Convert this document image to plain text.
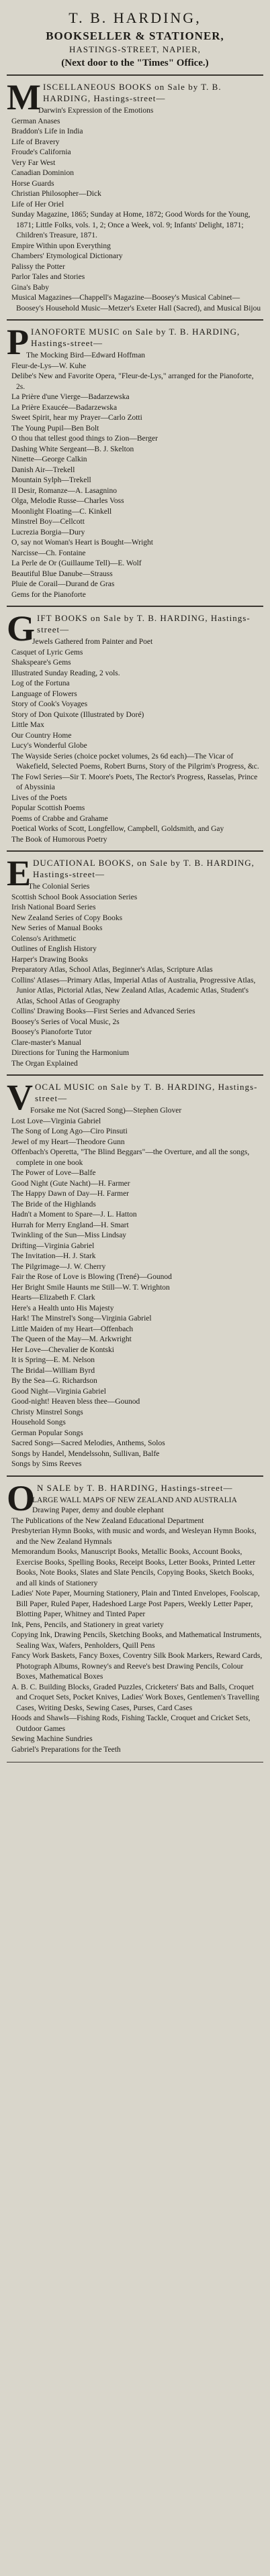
T. B. HARDING,
BOOKSELLER & STATIONER,
HASTINGS-STREET, NAPIER,
(Next door to the "Times" Office.)
M ISCELLANEOUS BOOKS on Sale by T. B. HARDING, Hastings-street—
Darwin's Expression of the Emotions
German Anases
Braddon's Life in India
Life of Bravery
Froude's California
Very Far West
Canadian Dominion
Horse Guards
Christian Philosopher—Dick
Life of Her Oriel
Sunday Magazine, 1865; Sunday at Home, 1872; Good Words for the Young, 1871; Little Folks, vols. 1, 2; Once a Week, vol. 9; Infants' Delight, 1871; Children's Treasure, 1871.
Empire Within upon Everything
Chambers' Etymological Dictionary
Palissy the Potter
Parlor Tales and Stories
Gina's Baby
Musical Magazines—Chappell's Magazine—Boosey's Musical Cabinet—Boosey's Household Music—Metzer's Exeter Hall (Sacred), and Musical Bijou
P IANOFORTE MUSIC on Sale by T. B. HARDING, Hastings-street—
The Mocking Bird—Edward Hoffman
Fleur-de-Lys—W. Kuhe
Delibe's New and Favorite Opera, "Fleur-de-Lys," arranged for the Pianoforte, 2s.
La Prière d'une Vierge—Badarzewska
La Prière Exaucée—Badarzewska
Sweet Spirit, hear my Prayer—Carlo Zotti
The Young Pupil—Ben Bolt
O thou that tellest good things to Zion—Berger
Dashing White Sergeant—B. J. Skelton
Ninette—George Calkin
Danish Air—Trekell
Mountain Sylph—Trekell
Il Desir, Romanze—A. Lasagnino
Olga, Melodie Russe—Charles Voss
Moonlight Floating—C. Kinkell
Minstrel Boy—Cellcott
Lucrezia Borgia—Dury
O, say not Woman's Heart is Bought—Wright
Narcisse—Ch. Fontaine
La Perle de Or (Guillaume Tell)—E. Wolf
Beautiful Blue Danube—Strauss
Pluie de Corail—Durand de Gras
Gems for the Pianoforte
G IFT BOOKS on Sale by T. B. HARDING, Hastings-street—
Jewels Gathered from Painter and Poet
Casquet of Lyric Gems
Shakspeare's Gems
Illustrated Sunday Reading, 2 vols.
Log of the Fortuna
Language of Flowers
Story of Cook's Voyages
Story of Don Quixote (Illustrated by Doré)
Little Max
Our Country Home
Lucy's Wonderful Globe
The Wayside Series (choice pocket volumes, 2s 6d each)—The Vicar of Wakefield, Selected Poems, Robert Burns, Story of the Pilgrim's Progress, &c.
The Fowl Series—Sir T. Moore's Poets, The Rector's Progress, Rasselas, Prince of Abyssinia
Lives of the Poets
Popular Scottish Poems
Poems of Crabbe and Grahame
Poetical Works of Scott, Longfellow, Campbell, Goldsmith, and Gay
The Book of Humorous Poetry
E DUCATIONAL BOOKS, on Sale by T. B. HARDING, Hastings-street—
The Colonial Series
Scottish School Book Association Series
Irish National Board Series
New Zealand Series of Copy Books
New Series of Manual Books
Colenso's Arithmetic
Outlines of English History
Harper's Drawing Books
Preparatory Atlas, School Atlas, Beginner's Atlas, Scripture Atlas
Collins' Atlases—Primary Atlas, Imperial Atlas of Australia, Progressive Atlas, Junior Atlas, Pictorial Atlas, New Zealand Atlas, Academic Atlas, Student's Atlas, School Atlas of Geography
Collins' Drawing Books—First Series and Advanced Series
Boosey's Series of Vocal Music, 2s
Boosey's Pianoforte Tutor
Clare-master's Manual
Directions for Tuning the Harmonium
The Organ Explained
V OCAL MUSIC on Sale by T. B. HARDING, Hastings-street—
Forsake me Not (Sacred Song)—Stephen Glover
Lost Love—Virginia Gabriel
The Song of Long Ago—Ciro Pinsuti
Jewel of my Heart—Theodore Gunn
Offenbach's Operetta, "The Blind Beggars"—the Overture, and all the songs, complete in one book
The Power of Love—Balfe
Good Night (Gute Nacht)—H. Farmer
The Happy Dawn of Day—H. Farmer
The Bride of the Highlands
Hadn't a Moment to Spare—J. L. Hatton
Hurrah for Merry England—H. Smart
Twinkling of the Sun—Miss Lindsay
Drifting—Virginia Gabriel
The Invitation—H. J. Stark
The Pilgrimage—J. W. Cherry
Fair the Rose of Love is Blowing (Trené)—Gounod
Her Bright Smile Haunts me Still—W. T. Wrighton
Hearts—Elizabeth F. Clark
Here's a Health unto His Majesty
Hark! The Minstrel's Song—Virginia Gabriel
Little Maiden of my Heart—Offenbach
The Queen of the May—M. Arkwright
Her Love—Chevalier de Kontski
It is Spring—E. M. Nelson
The Bridal—William Byrd
By the Sea—G. Richardson
Good Night—Virginia Gabriel
Good-night! Heaven bless thee—Gounod
Christy Minstrel Songs
Household Songs
German Popular Songs
Sacred Songs—Sacred Melodies, Anthems, Solos
Songs by Handel, Mendelssohn, Sullivan, Balfe
Songs by Sims Reeves
O N SALE by T. B. HARDING, Hastings-street—
LARGE WALL MAPS OF NEW ZEALAND AND AUSTRALIA
Drawing Paper, demy and double elephant
The Publications of the New Zealand Educational Department
Presbyterian Hymn Books, with music and words, and Wesleyan Hymn Books, and the New Zealand Hymnals
Memorandum Books, Manuscript Books, Metallic Books, Account Books, Exercise Books, Spelling Books, Receipt Books, Letter Books, Printed Letter Books, Note Books, Slates and Slate Pencils, Copying Books, Sketch Books, and all kinds of Stationery
Ladies' Note Paper, Mourning Stationery, Plain and Tinted Envelopes, Foolscap, Bill Paper, Ruled Paper, Hadeshoed Large Post Papers, Weekly Letter Paper, Blotting Paper, Whitney and Tinted Paper
Ink, Pens, Pencils, and Stationery in great variety
Copying Ink, Drawing Pencils, Sketching Books, and Mathematical Instruments, Sealing Wax, Wafers, Penholders, Quill Pens
Fancy Work Baskets, Fancy Boxes, Coventry Silk Book Markers, Reward Cards, Photograph Albums, Rowney's and Reeve's best Drawing Pencils, Colour Boxes, Mathematical Boxes
A. B. C. Building Blocks, Graded Puzzles, Cricketers' Bats and Balls, Croquet and Croquet Sets, Pocket Knives, Ladies' Work Boxes, Gentlemen's Travelling Cases, Writing Desks, Sewing Cases, Purses, Card Cases
Hoods and Shawls—Fishing Rods, Fishing Tackle, Croquet and Cricket Sets, Outdoor Games
Sewing Machine Sundries
Gabriel's Preparations for the Teeth
